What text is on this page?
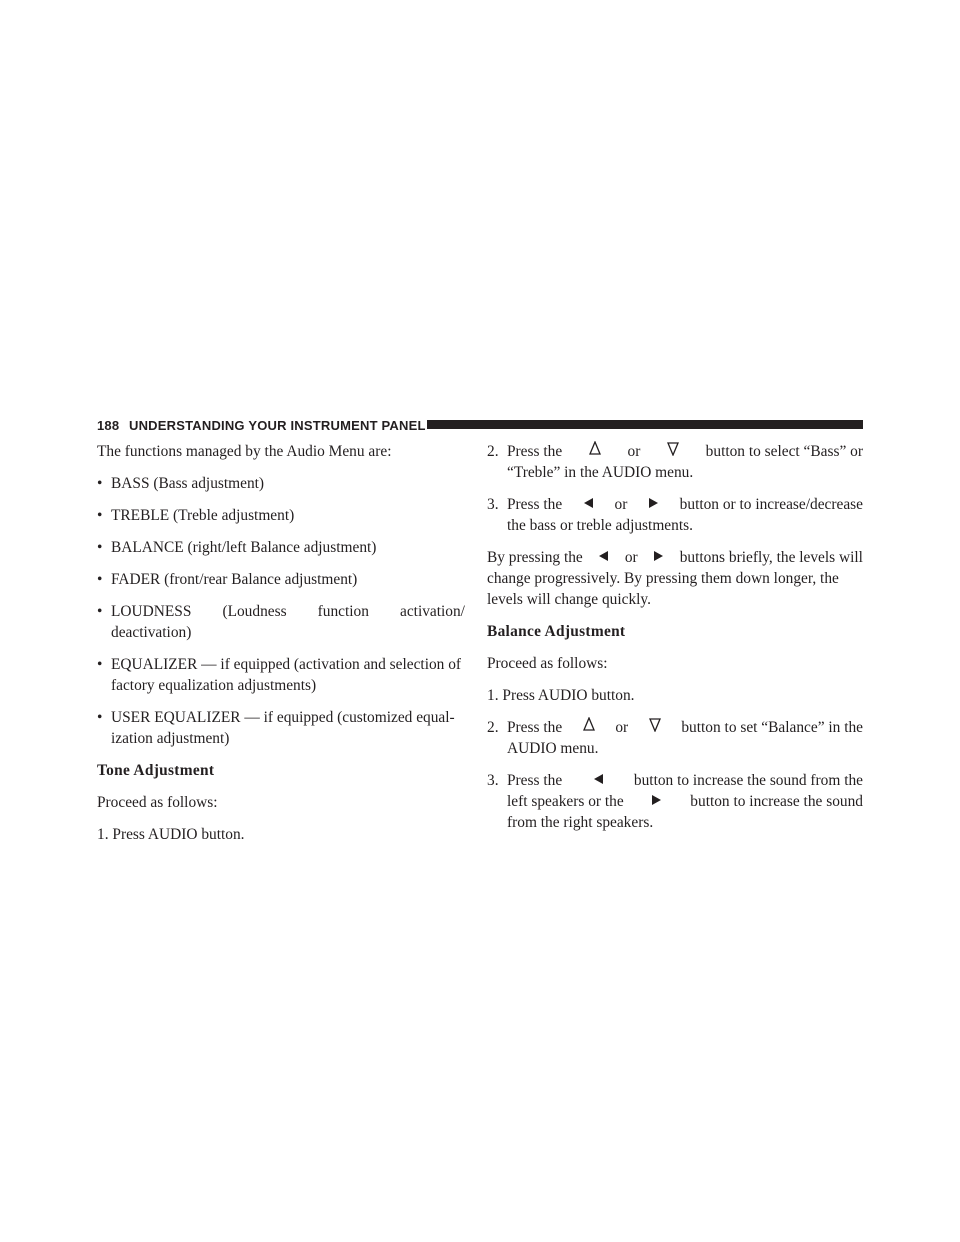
188 UNDERSTANDING YOUR INSTRUMENT PANEL

The functions managed by the Audio Menu are:

• BASS (Bass adjustment)
• TREBLE (Treble adjustment)
• BALANCE (right/left Balance adjustment)
• FADER (front/rear Balance adjustment)
• LOUDNESS (Loudness function activation/
deactivation)
• EQUALIZER — if equipped (activation and selection of factory equalization adjustments)
• USER EQUALIZER — if equipped (customized equal-ization adjustment)

Tone Adjustment

Proceed as follows:

1. Press AUDIO button.

2. Press the	or	button to select “Bass” or
“Treble” in the AUDIO menu.
3. Press the	or	button or to increase/decrease
the bass or treble adjustments.
By pressing the	or	buttons briefly, the levels will
change progressively. By pressing them down longer, the levels will change quickly.

Balance Adjustment

Proceed as follows:

1. Press AUDIO button.

2. Press the	or	button to set “Balance” in the
AUDIO menu.
3. Press the	button to increase the sound from the
left speakers or the	button to increase the sound
from the right speakers.
